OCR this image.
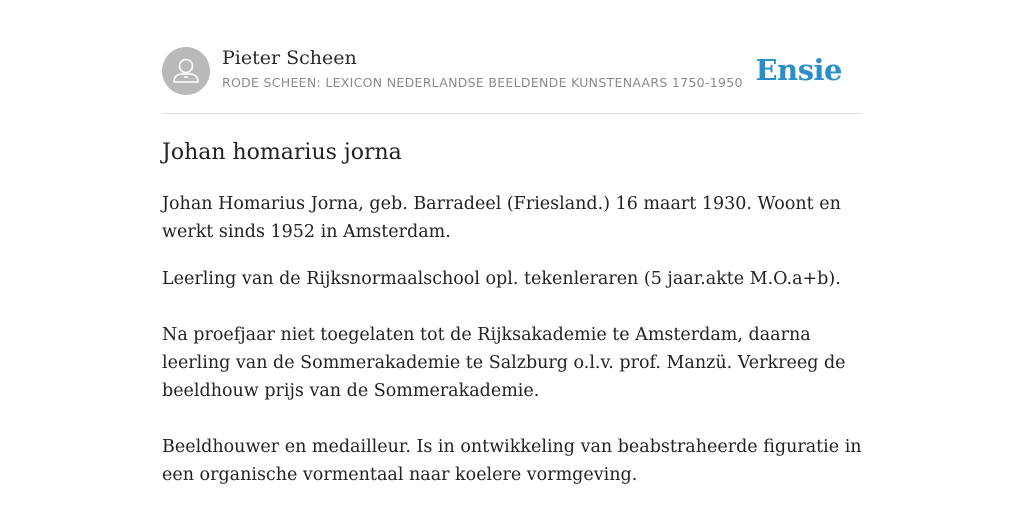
Pieter Scheen
RODE SCHEEN: LEXICON NEDERLANDSE BEELDENDE KUNSTENAARS 1750-1950 Ensie
Johan homarius jorna

Johan Homarius Jorna, geb. Barradeel (Friesland.) 16 maart 1930. Woont en werkt sinds 1952 in Amsterdam.

Leerling van de Rijksnormaalschool opl. tekenleraren (5 jaar.akte M.O.a+b).

Na proefjaar niet toegelaten tot de Rijksakademie te Amsterdam, daarna leerling van de Sommerakademie te Salzburg o.l.v. prof. Manzü. Verkreeg de beeldhouw prijs van de Sommerakademie.

Beeldhouwer en medailleur. Is in ontwikkeling van beabstraheerde figuratie in een organische vormentaal naar koelere vormgeving.
